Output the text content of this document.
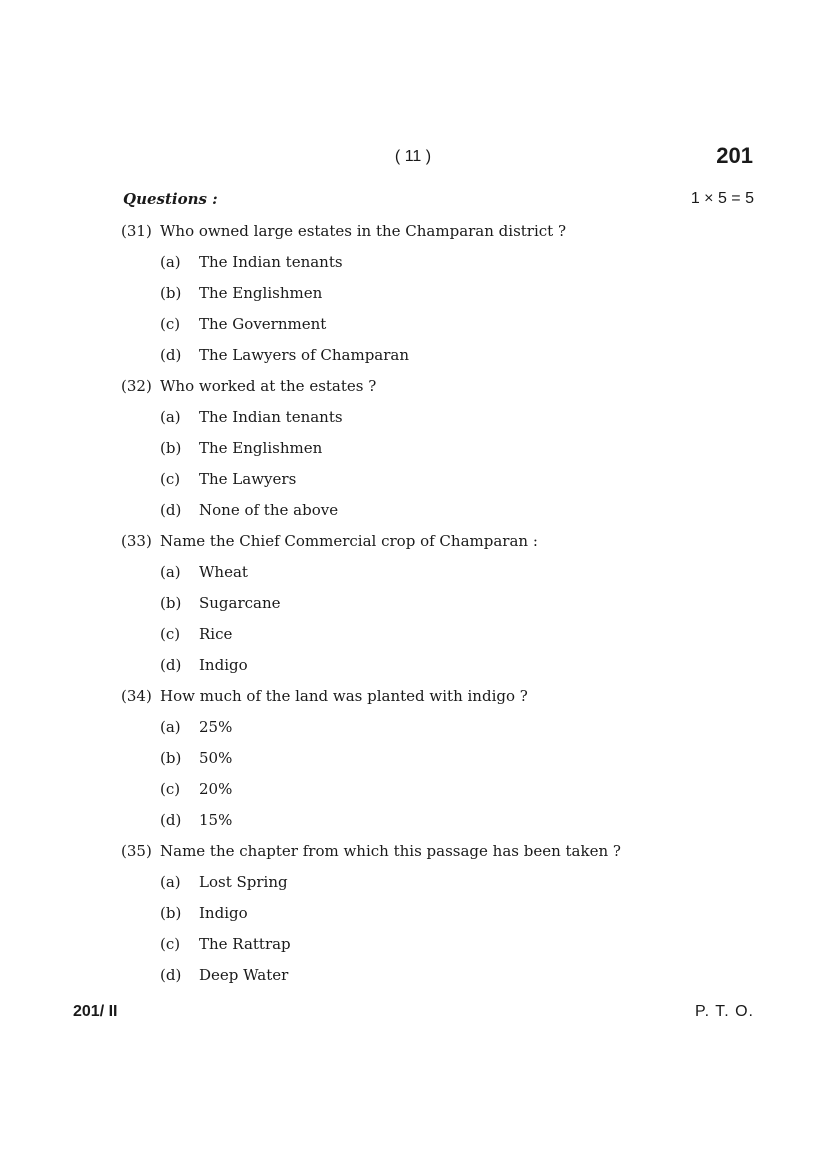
( 11 )	201
Questions :	1 × 5 = 5
(31) Who owned large estates in the Champaran district ?
(a)	The Indian tenants
(b)	The Englishmen
(c)	The Government
(d)	The Lawyers of Champaran
(32) Who worked at the estates ?
(a)	The Indian tenants
(b)	The Englishmen
(c)	The Lawyers
(d)	None of the above
(33) Name the Chief Commercial crop of Champaran :
(a)	Wheat
(b)	Sugarcane
(c)	Rice
(d)	Indigo
(34) How much of the land was planted with indigo ?
(a)	25%
(b)	50%
(c)	20%
(d)	15%
(35) Name the chapter from which this passage has been taken ?
(a)	Lost Spring
(b)	Indigo
(c)	The Rattrap
(d)	Deep Water
201/ II	P. T. O.
